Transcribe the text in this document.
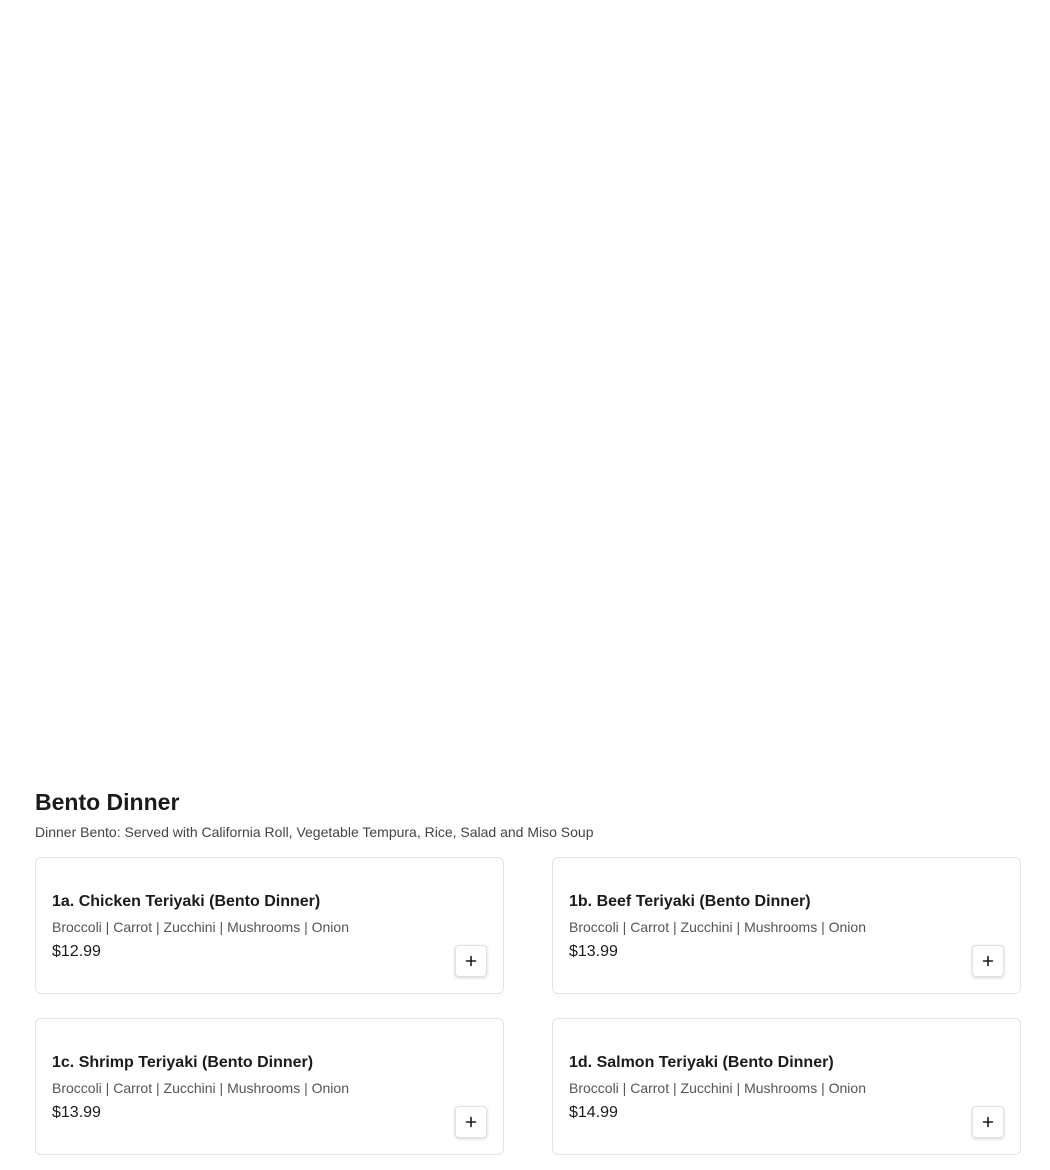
Bento Dinner
Dinner Bento: Served with California Roll, Vegetable Tempura, Rice, Salad and Miso Soup
1a. Chicken Teriyaki (Bento Dinner)
Broccoli | Carrot | Zucchini | Mushrooms | Onion
$12.99
1b. Beef Teriyaki (Bento Dinner)
Broccoli | Carrot | Zucchini | Mushrooms | Onion
$13.99
1c. Shrimp Teriyaki (Bento Dinner)
Broccoli | Carrot | Zucchini | Mushrooms | Onion
$13.99
1d. Salmon Teriyaki (Bento Dinner)
Broccoli | Carrot | Zucchini | Mushrooms | Onion
$14.99
